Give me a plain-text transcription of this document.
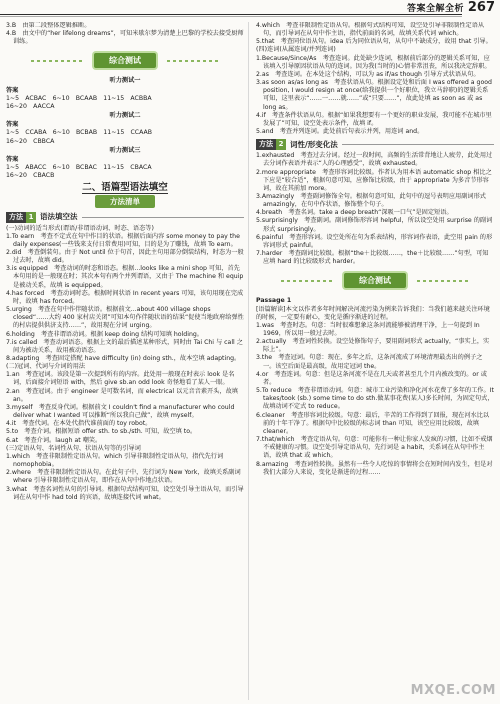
答案全解全析 267

3.B　由第二段整体逻辑推断。

4.B　由文中的“her lifelong dreams”，可知米歇尔梦为清楚上巴黎的学校去接受厨师训练。

综合测试
听力测试一

答案

1~5　ACBAC　6~10　BCAAB　11~15　ACBBA

16~20　AACCA

听力测试二

答案

1~5　CCABA　6~10　BCBAB　11~15　CCAAB

16~20　CBBCA

听力测试三

答案

1~5　ABACC　6~10　BCBAC　11~15　CBACA

16~20　CBACB

二、语篇型语法填空
方法清单
方法 1 语法填空法

(一)动词的适当形式(谓语/非谓语动词、时态、语态等)

1.To earn　考查不定式在句中作目的状语。根据后面内容 some money to pay the daily expenses(一些钱来支付日常费用)可知，目的是为了赚钱，故填 To earn。

2.did　考查倒装句。由于 Not until 位于句首，因此主句用部分倒装结构，时态为一般过去时，故填 did。

3.is equipped　考查动词的时态和语态。根据...looks like a mini shop 可知，首先本句用的是一般现在时；其次本句有两个并列谓语，又由于 The machine 和 equip 是被动关系，故填 is equipped。

4.has forced　考查动词时态。根据时间状语 In recent years 可知，该句用现在完成时，故填 has forced。

5.urging　考查在句中作伴随状语。根据前文...about 400 village shops closed“……大约 400 家村店关闭”可知本句作伴随状语的结果“促使当地政府给弹性的村店提供供济支持……”，故用现在分词 urging。

6.holding　考查非谓语动词。根据 keep doing 结构可知填 holding。

7.is called　考查动词语态。根据上文的最后描述某种形式，同时由 Tai Chi 与 call 之间为被动关系，故用被动语态。

8.adapting　考查固定搭配 have difficulty (in) doing sth.，故本空填 adapting。

(二)冠词、代词与介词的用法

1.an　考查冠词。该段是第一次提到所有的内容。此处用一般现在时表示 look 是名词，后面接介词短语 with，然后 give sb.an odd look 奇怪地看了某人一眼。

2.an　考查冠词。由于 engineer 是可数名词，而 electrical 以元音音素开头，故填 an。

3.myself　考查反身代词。根据前文 I couldn't find a manufacturer who could deliver what I wanted 可以推断“所以我自己做”，故填 myself。

4.it　考查代词。在本处代指代谁前面的 toy robot。

5.to　考查介词。根据短语 offer sth. to sb./sth. 可知，故空填 to。

6.at　考查介词。laugh at 嘲笑。

(三)定语从句、名词性从句、状语从句等的引导词

1.which　考查非限制性定语从句。which 引导非限制性定语从句，指代先行词 nomophobia。

2.where　考查非限制性定语从句。在此句子中，先行词为 New York，故填关系副词 where 引导非限制性定语从句，即作在从句中作地点状语。

3.what　考查名词性从句的引导词。根据句式结构可知，设空处引导主语从句，而引导词在从句中作 had told 的宾语，故填连接代词 what。

4.which　考查非限制性定语从句。根据句式结构可知，设空处引导非限制性定语从句，而引导词在从句中作主语，指代前面的名词，故填关系代词 which。

5.that　考查同位语从句。idea 后为同位语从句，从句中不缺成分，故用 that 引导。

(四)连词(从属连词/并列连词)

1.Because/Since/As　考查连词。此处缺少连词，根据前后部分的逻辑关系可知，应该填入引导原因状语从句的连词。因为我(当时的)心情非常沮丧，所以我决定辞职。

2.as　考查连词。在本处这个结构，可以为 as if/as though 引导方式状语从句。

3.as soon as/as long as　考查状语从句。根据设定处和后面 I was offered a good position, I would resign at once(给我提供一个好职位，我立马辞职)的逻辑关系可知，这里表示“……一……就……”或“只要……”，故此处填 as soon as 或 as long as。

4.if　考查条件状语从句。根据“如果我想要有一个更好的职业发展，我可能不在城市里发展了”可知，设空处表示条件，故填 if。

5.and　考查并列连词。此处前后句表示并列，用连词 and。

方法 2 词性/形变化法

1.exhausted　考查过去分词。经过一段时间，高频的生活常背地让人疲劳，此处用过去分词作表语并表示“人的心理感受”，故填 exhausted。

2.more appropriate　考查形容词比较级。作者认为用本语 automatic shop 相比之下应是“较合适”，根据句意可知，应修饰比较级，由于 appropriate 为多音节形容词，故在其前加 more。

3.Amazingly　考查副词修饰全句。根据句意可知，此句中的逗号表明应用副词形式 amazingly，在句中作状语，修饰整个句子。

4.breath　考查名词。take a deep breath“深吸一口气”是固定短语。

5.surprisingly　考查副词。副词修饰形容词 helpful，所以设空处用 surprise 的副词形式 surprisingly。

6.painful　考查形容词。设空处所在句为系表结构，形容词作表语，此空用 pain 的形容词形式 painful。

7.harder　考查副词比较级。根据“the＋比较级……，the＋比较级……”句型，可知应填 hard 的比较级形式 harder。

综合测试

Passage 1

[语篇解读]本文以作者多年时间解决河流污染为例来告诉我们：当我们越来越关注环境的时候，一定要有耐心，变化是循序渐进的过程。

1.was　考查时态。句意：当时很难想象这条河流能够被清理干净，上一句提到 In 1969，所以用一般过去时。

2.actually　考查词性转换。设空处修饰句子，要用副词形式 actually，“事实上，实际上”。

3.the　考查冠词。句意：现在，多年之后，这条河流成了环境清理最杰出的例子之一。该空后面是最高级，故用定冠词 the。

4.or　考查连词。句意：但是这条河流不是在几天或者甚至几个月内被改变的。or 或者。

5.To reduce　考查非谓语动词。句意：城市工业污染和净化河水花费了多年的工作。It takes/took (sb.) some time to do sth.做某事花费(某人)多长时间，为固定句式，故填动词不定式 to reduce。

6.cleaner　考查形容词比较级。句意：最后，辛苦的工作得到了回报，现在河水比以前的十年干净了。根据句中比较级的标志词 than 可知，该空应用比较级，故填 cleaner。

7.that/which　考查定语从句。句意：可能你有一种让你家人发疯的习惯，比如不戒烟不戒健康的习惯。设空处引导定语从句，先行词是 a habit，关系词在从句中作主语，故填 that 或 which。

8.amazing　考查词性转换。虽然有一些令人吃惊的事情将会在短时间内发生，但是对我们大部分人来说，变化是渐进的过程……

MXQE.COM
